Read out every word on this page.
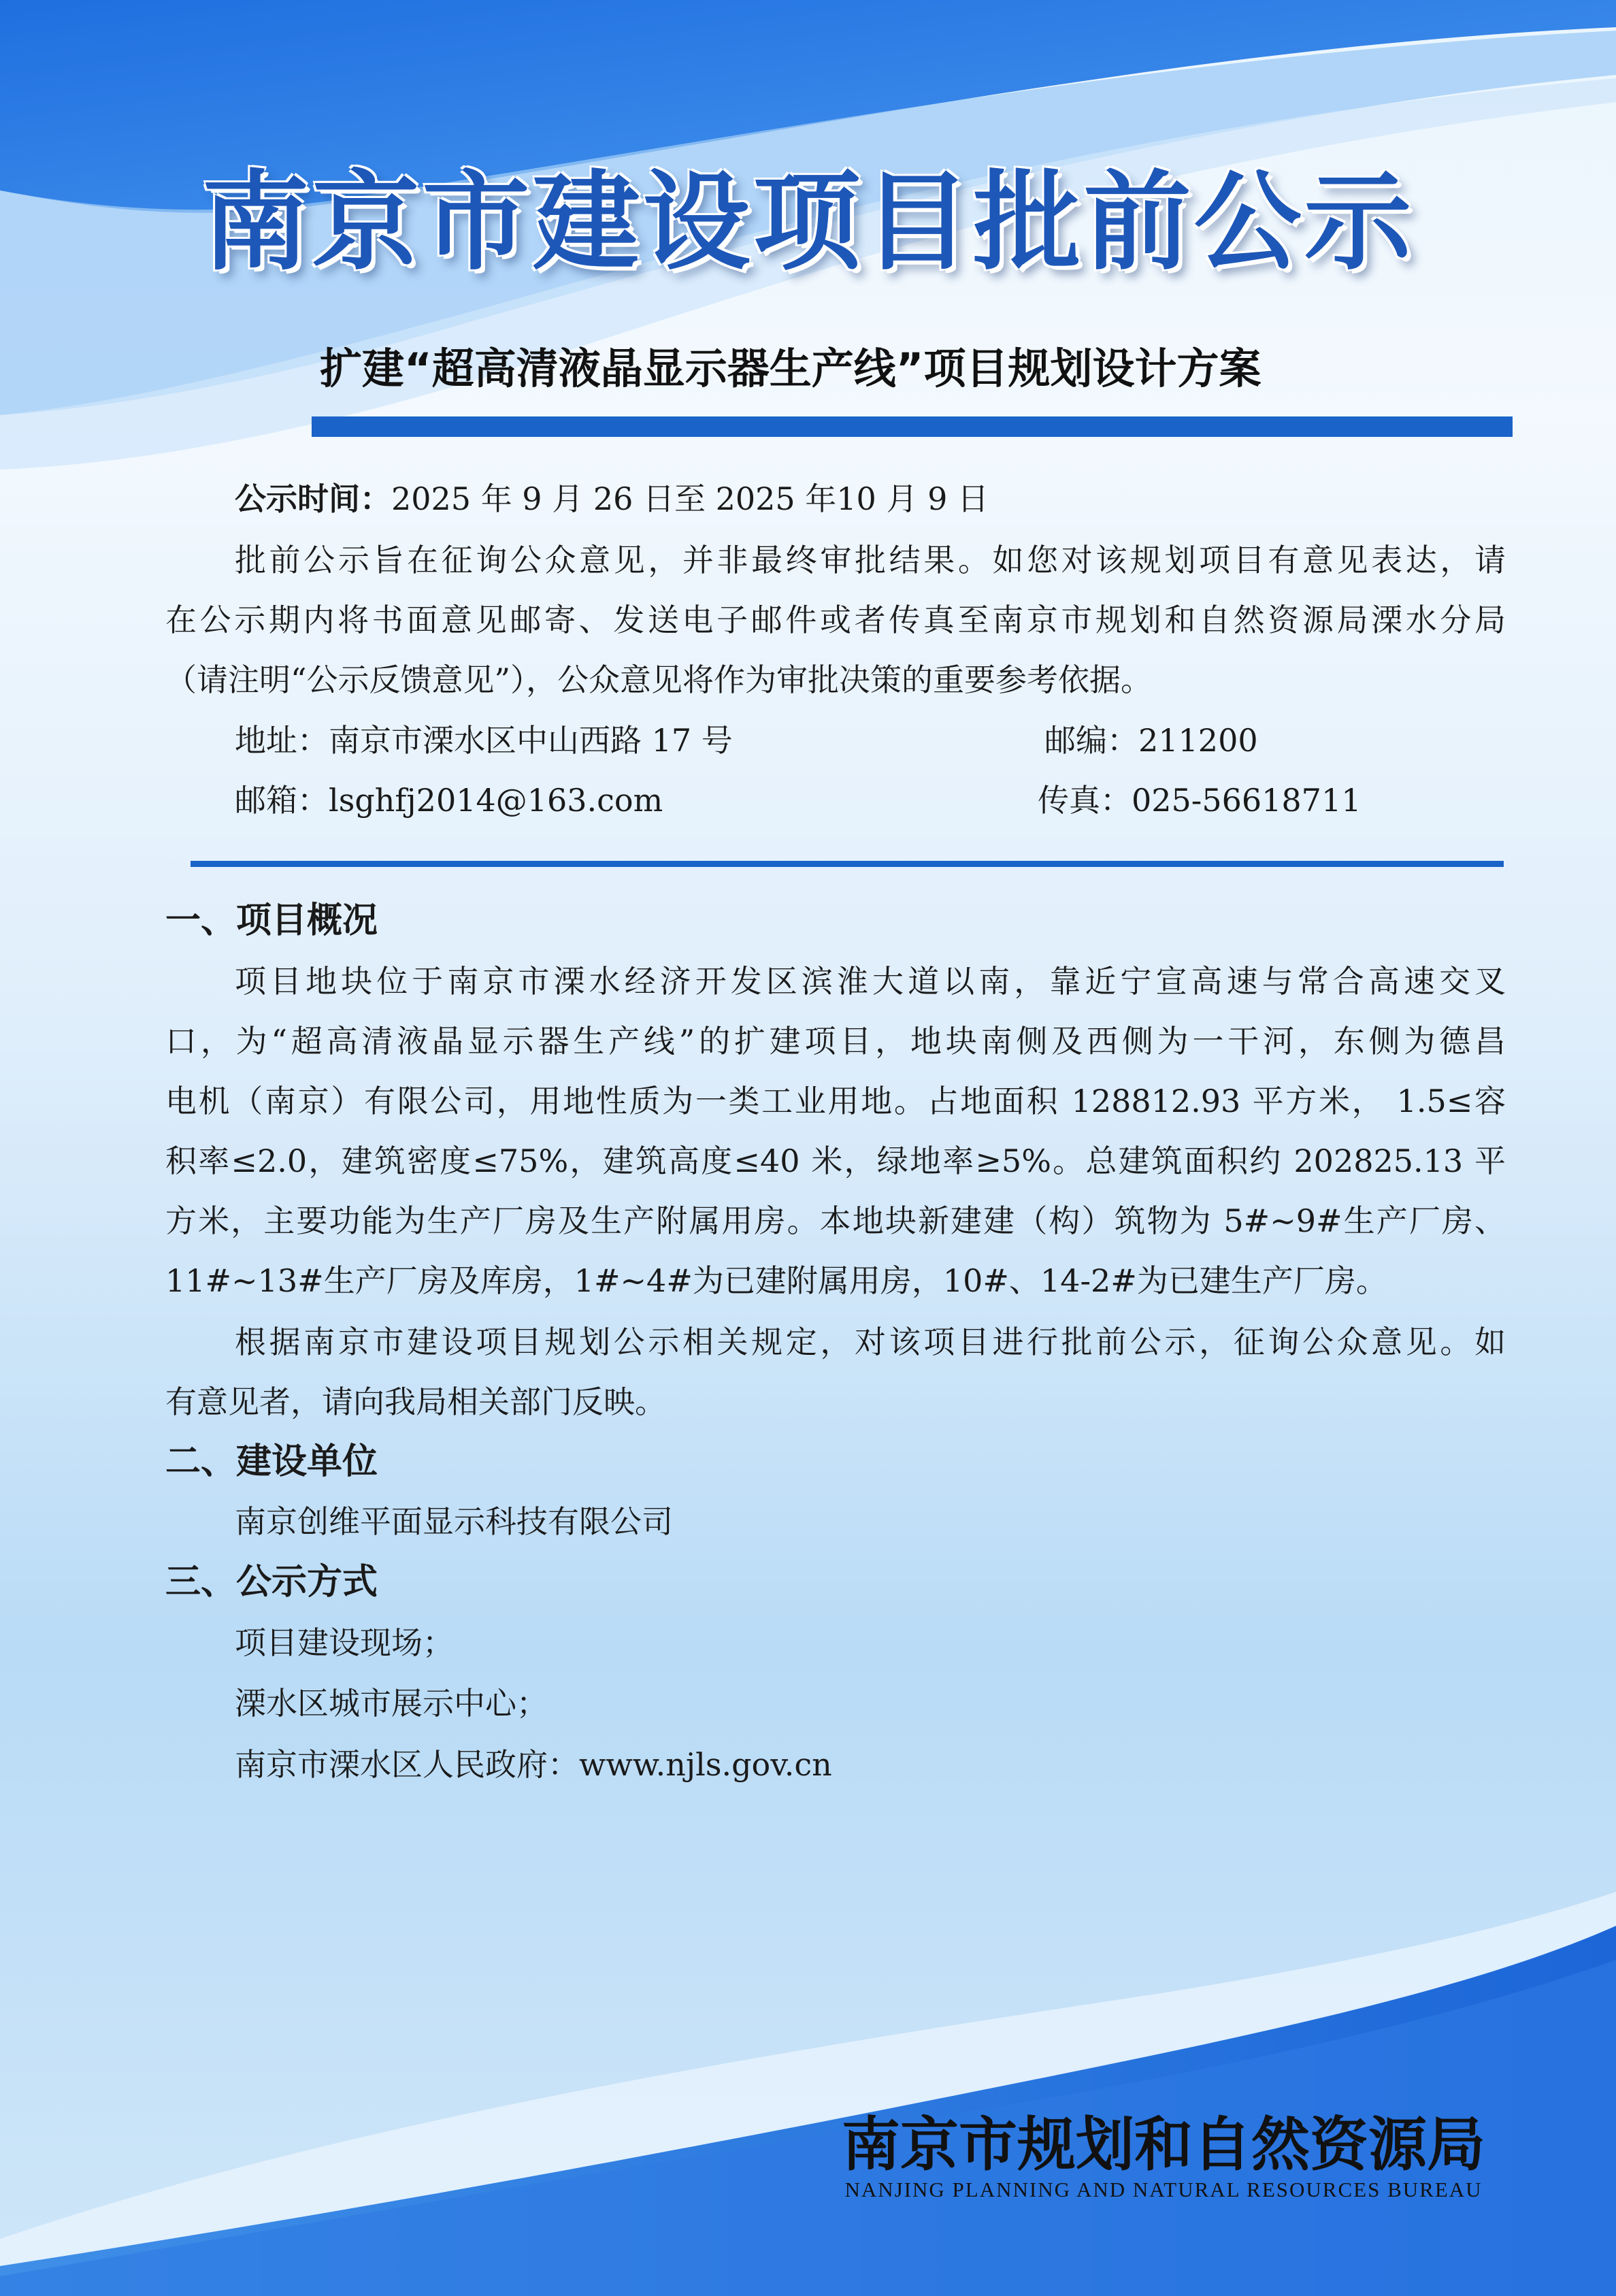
南京市建设项目批前公示
扩建“超高清液晶显示器生产线”项目规划设计方案
公示时间：2025 年 9 月 26 日至 2025 年10 月 9 日
批前公示旨在征询公众意见，并非最终审批结果。如您对该规划项目有意见表达，请
在公示期内将书面意见邮寄、发送电子邮件或者传真至南京市规划和自然资源局溧水分局
（请注明“公示反馈意见”），公众意见将作为审批决策的重要参考依据。
地址：南京市溧水区中山西路 17 号	邮编：211200
邮箱：lsghfj2014@163.com	传真：025-56618711
一、项目概况
项目地块位于南京市溧水经济开发区滨淮大道以南，靠近宁宣高速与常合高速交叉
口，为“超高清液晶显示器生产线”的扩建项目，地块南侧及西侧为一干河，东侧为德昌
电机（南京）有限公司，用地性质为一类工业用地。占地面积 128812.93 平方米， 1.5≤容
积率≤2.0，建筑密度≤75%，建筑高度≤40 米，绿地率≥5%。总建筑面积约 202825.13 平
方米，主要功能为生产厂房及生产附属用房。本地块新建建（构）筑物为 5#~9#生产厂房、
11#~13#生产厂房及库房，1#~4#为已建附属用房，10#、14-2#为已建生产厂房。
根据南京市建设项目规划公示相关规定，对该项目进行批前公示，征询公众意见。如
有意见者，请向我局相关部门反映。
二、建设单位
南京创维平面显示科技有限公司
三、公示方式
项目建设现场；
溧水区城市展示中心；
南京市溧水区人民政府：www.njls.gov.cn
南京市规划和自然资源局
NANJING PLANNING AND NATURAL RESOURCES BUREAU
